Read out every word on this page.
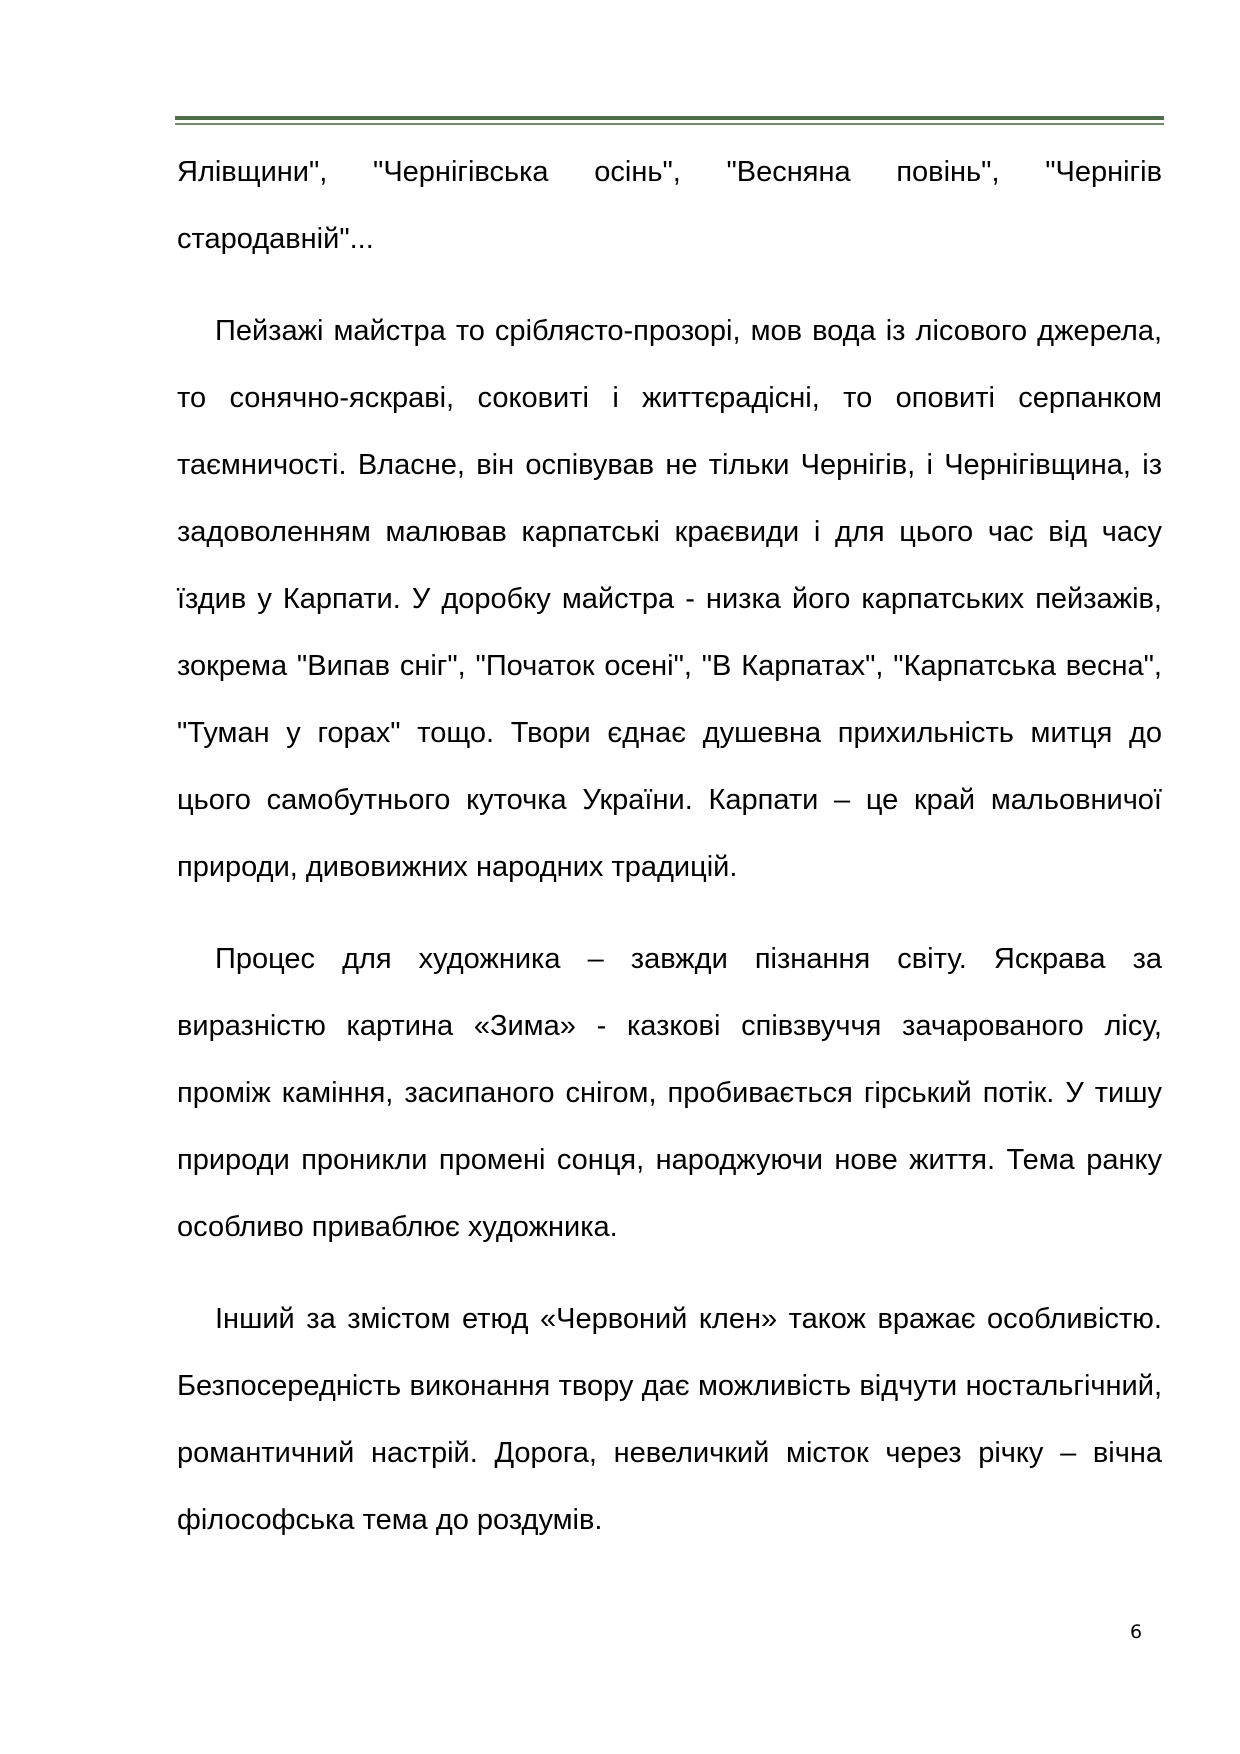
Ялівщини", "Чернігівська осінь", "Весняна повінь", "Чернігів стародавній"...

Пейзажі майстра то сріблясто-прозорі, мов вода із лісового джерела, то сонячно-яскраві, соковиті і життєрадісні, то оповиті серпанком таємничості. Власне, він оспівував не тільки Чернігів, і Чернігівщина, із задоволенням малював карпатські краєвиди і для цього час від часу їздив у Карпати. У доробку майстра - низка його карпатських пейзажів, зокрема "Випав сніг", "Початок осені", "В Карпатах", "Карпатська весна", "Туман у горах" тощо. Твори єднає душевна прихильність митця до цього самобутнього куточка України. Карпати – це край мальовничої природи, дивовижних народних традицій.

Процес для художника – завжди пізнання світу. Яскрава за виразністю картина «Зима» - казкові співзвуччя зачарованого лісу, проміж каміння, засипаного снігом, пробивається гірський потік. У тишу природи проникли промені сонця, народжуючи нове життя. Тема ранку особливо приваблює художника.

Інший за змістом етюд «Червоний клен» також вражає особливістю. Безпосередність виконання твору дає можливість відчути ностальгічний, романтичний настрій. Дорога, невеличкий місток через річку – вічна філософська тема до роздумів.

6
